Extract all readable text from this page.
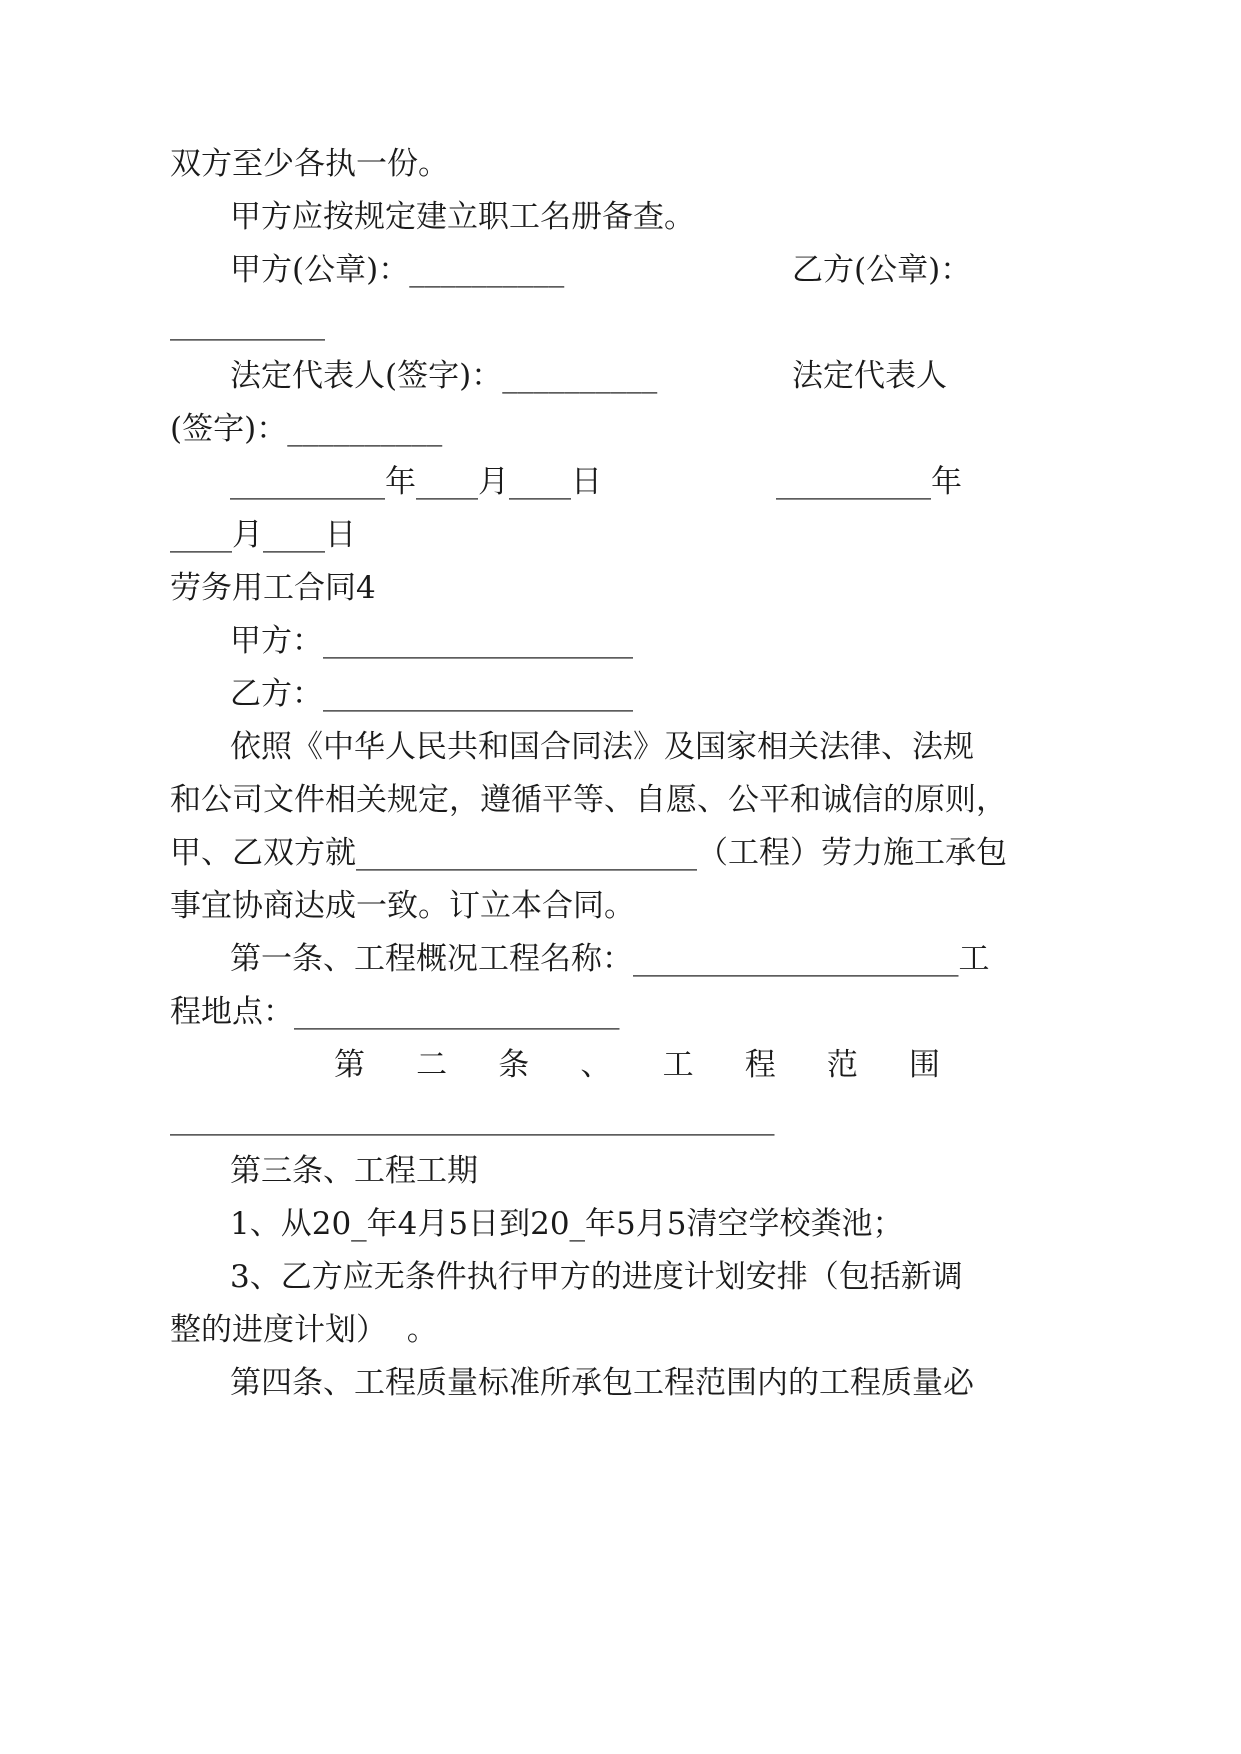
双方至少各执一份。
甲方应按规定建立职工名册备查。
甲方(公章)：__________	乙方(公章)：
__________
法定代表人(签字)：__________	法定代表人
(签字)：__________
__________年____月____日	__________年
____月____日
劳务用工合同4
甲方：____________________
乙方：____________________
依照《中华人民共和国合同法》及国家相关法律、法规
和公司文件相关规定，遵循平等、自愿、公平和诚信的原则，
甲、乙双方就______________________（工程）劳力施工承包
事宜协商达成一致。订立本合同。
第一条、工程概况工程名称：_____________________工
程地点：_____________________
第 二 条 、 工 程 范 围
_______________________________________
第三条、工程工期
1、从20_年4月5日到20_年5月5清空学校粪池；
3、乙方应无条件执行甲方的进度计划安排（包括新调
整的进度计划）  。
第四条、工程质量标准所承包工程范围内的工程质量必
